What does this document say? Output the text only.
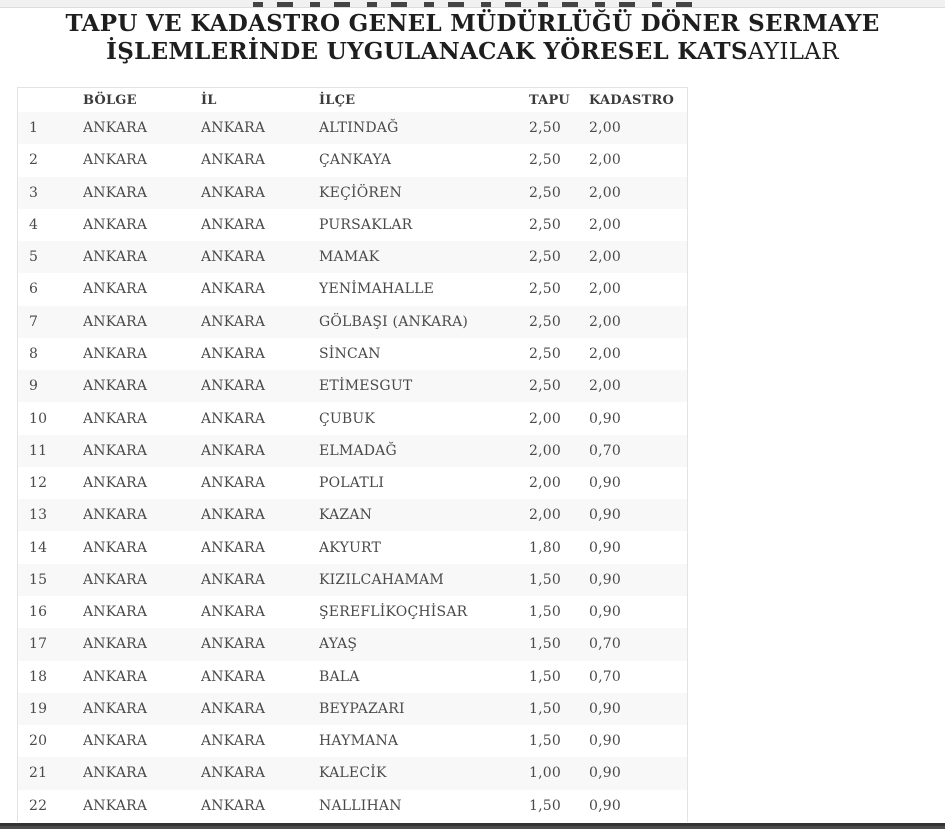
TAPU VE KADASTRO GENEL MÜDÜRLÜĞÜ DÖNER SERMAYE
İŞLEMLERİNDE UYGULANACAK YÖRESEL KATSAYILAR
	BÖLGE	İL	İLÇE	TAPU	KADASTRO
1	ANKARA	ANKARA	ALTINDAĞ	2,50	2,00
2	ANKARA	ANKARA	ÇANKAYA	2,50	2,00
3	ANKARA	ANKARA	KEÇİÖREN	2,50	2,00
4	ANKARA	ANKARA	PURSAKLAR	2,50	2,00
5	ANKARA	ANKARA	MAMAK	2,50	2,00
6	ANKARA	ANKARA	YENİMAHALLE	2,50	2,00
7	ANKARA	ANKARA	GÖLBAŞI (ANKARA)	2,50	2,00
8	ANKARA	ANKARA	SİNCAN	2,50	2,00
9	ANKARA	ANKARA	ETİMESGUT	2,50	2,00
10	ANKARA	ANKARA	ÇUBUK	2,00	0,90
11	ANKARA	ANKARA	ELMADAĞ	2,00	0,70
12	ANKARA	ANKARA	POLATLI	2,00	0,90
13	ANKARA	ANKARA	KAZAN	2,00	0,90
14	ANKARA	ANKARA	AKYURT	1,80	0,90
15	ANKARA	ANKARA	KIZILCAHAMAM	1,50	0,90
16	ANKARA	ANKARA	ŞEREFLİKOÇHİSAR	1,50	0,90
17	ANKARA	ANKARA	AYAŞ	1,50	0,70
18	ANKARA	ANKARA	BALA	1,50	0,70
19	ANKARA	ANKARA	BEYPAZARI	1,50	0,90
20	ANKARA	ANKARA	HAYMANA	1,50	0,90
21	ANKARA	ANKARA	KALECİK	1,00	0,90
22	ANKARA	ANKARA	NALLIHAN	1,50	0,90
